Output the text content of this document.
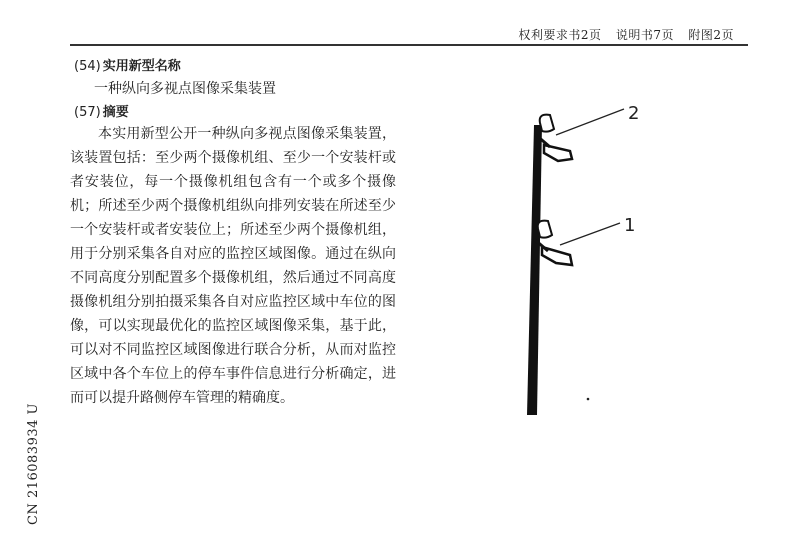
权利要求书2页 说明书7页 附图2页
(54) 实用新型名称
一种纵向多视点图像采集装置
(57) 摘要

本实用新型公开一种纵向多视点图像采集装置，该装置包括：至少两个摄像机组、至少一个安装杆或者安装位，每一个摄像机组包含有一个或多个摄像机；所述至少两个摄像机组纵向排列安装在所述至少一个安装杆或者安装位上；所述至少两个摄像机组，用于分别采集各自对应的监控区域图像。通过在纵向不同高度分别配置多个摄像机组，然后通过不同高度摄像机组分别拍摄采集各自对应监控区域中车位的图像，可以实现最优化的监控区域图像采集，基于此，可以对不同监控区域图像进行联合分析，从而对监控区域中各个车位上的停车事件信息进行分析确定，进而可以提升路侧停车管理的精确度。

CN 216083934 U
2
1
